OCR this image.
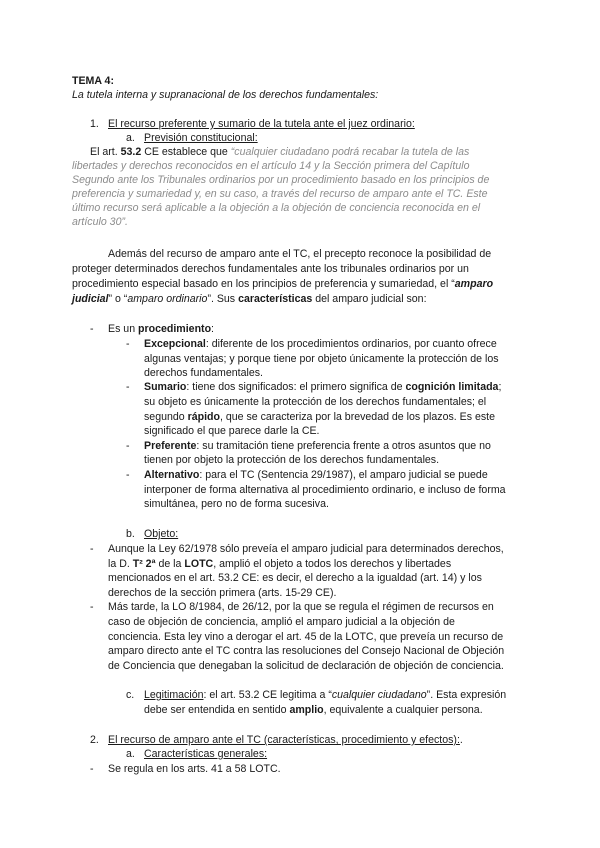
TEMA 4:
La tutela interna y supranacional de los derechos fundamentales:
1. El recurso preferente y sumario de la tutela ante el juez ordinario:
a. Previsión constitucional:
El art. 53.2 CE establece que “cualquier ciudadano podrá recabar la tutela de las
libertades y derechos reconocidos en el artículo 14 y la Sección primera del Capítulo
Segundo ante los Tribunales ordinarios por un procedimiento basado en los principios de
preferencia y sumariedad y, en su caso, a través del recurso de amparo ante el TC. Este
último recurso será aplicable a la objeción a la objeción de conciencia reconocida en el
artículo 30”.
Además del recurso de amparo ante el TC, el precepto reconoce la posibilidad de
proteger determinados derechos fundamentales ante los tribunales ordinarios por un
procedimiento especial basado en los principios de preferencia y sumariedad, el “amparo
judicial” o “amparo ordinario”. Sus características del amparo judicial son:
- Es un procedimiento:
- Excepcional: diferente de los procedimientos ordinarios, por cuanto ofrece
algunas ventajas; y porque tiene por objeto únicamente la protección de los
derechos fundamentales.
- Sumario: tiene dos significados: el primero significa de cognición limitada;
su objeto es únicamente la protección de los derechos fundamentales; el
segundo rápido, que se caracteriza por la brevedad de los plazos. Es este
significado el que parece darle la CE.
- Preferente: su tramitación tiene preferencia frente a otros asuntos que no
tienen por objeto la protección de los derechos fundamentales.
- Alternativo: para el TC (Sentencia 29/1987), el amparo judicial se puede
interponer de forma alternativa al procedimiento ordinario, e incluso de forma
simultánea, pero no de forma sucesiva.
b. Objeto:
- Aunque la Ley 62/1978 sólo preveía el amparo judicial para determinados derechos,
la D. T² 2ª de la LOTC, amplió el objeto a todos los derechos y libertades
mencionados en el art. 53.2 CE: es decir, el derecho a la igualdad (art. 14) y los
derechos de la sección primera (arts. 15-29 CE).
- Más tarde, la LO 8/1984, de 26/12, por la que se regula el régimen de recursos en
caso de objeción de conciencia, amplió el amparo judicial a la objeción de
conciencia. Esta ley vino a derogar el art. 45 de la LOTC, que preveía un recurso de
amparo directo ante el TC contra las resoluciones del Consejo Nacional de Objeción
de Conciencia que denegaban la solicitud de declaración de objeción de conciencia.
c. Legitimación: el art. 53.2 CE legitima a “cualquier ciudadano”. Esta expresión
debe ser entendida en sentido amplio, equivalente a cualquier persona.
2. El recurso de amparo ante el TC (características, procedimiento y efectos):.
a. Características generales:
- Se regula en los arts. 41 a 58 LOTC.
